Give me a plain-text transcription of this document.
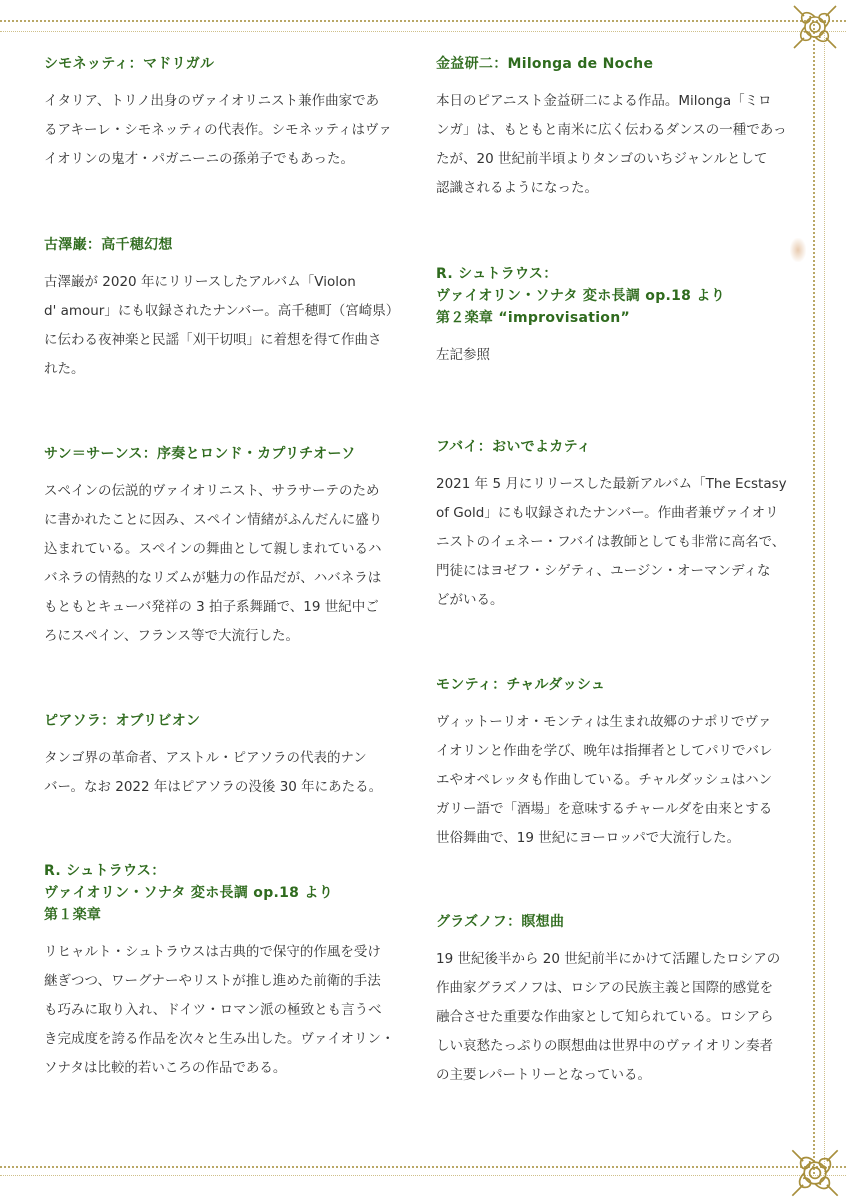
シモネッティ：マドリガル
イタリア、トリノ出身のヴァイオリニスト兼作曲家であ
るアキーレ・シモネッティの代表作。シモネッティはヴァ
イオリンの鬼才・パガニーニの孫弟子でもあった。
古澤巌：高千穂幻想
古澤巌が 2020 年にリリースしたアルバム「Violon
d' amour」にも収録されたナンバー。高千穂町（宮崎県）
に伝わる夜神楽と民謡「刈干切唄」に着想を得て作曲さ
れた。
サン＝サーンス：序奏とロンド・カプリチオーソ
スペインの伝説的ヴァイオリニスト、サラサーテのため
に書かれたことに因み、スペイン情緒がふんだんに盛り
込まれている。スペインの舞曲として親しまれているハ
バネラの情熱的なリズムが魅力の作品だが、ハバネラは
もともとキューバ発祥の 3 拍子系舞踊で、19 世紀中ご
ろにスペイン、フランス等で大流行した。
ピアソラ：オブリビオン
タンゴ界の革命者、アストル・ピアソラの代表的ナン
バー。なお 2022 年はピアソラの没後 30 年にあたる。
R. シュトラウス：
ヴァイオリン・ソナタ 変ホ長調 op.18 より
第１楽章
リヒャルト・シュトラウスは古典的で保守的作風を受け
継ぎつつ、ワーグナーやリストが推し進めた前衛的手法
も巧みに取り入れ、ドイツ・ロマン派の極致とも言うべ
き完成度を誇る作品を次々と生み出した。ヴァイオリン・
ソナタは比較的若いころの作品である。
金益研二：Milonga de Noche
本日のピアニスト金益研二による作品。Milonga「ミロ
ンガ」は、もともと南米に広く伝わるダンスの一種であっ
たが、20 世紀前半頃よりタンゴのいちジャンルとして
認識されるようになった。
R. シュトラウス：
ヴァイオリン・ソナタ 変ホ長調 op.18 より
第２楽章 “improvisation”
左記参照
フバイ：おいでよカティ
2021 年 5 月にリリースした最新アルバム「The Ecstasy
of Gold」にも収録されたナンバー。作曲者兼ヴァイオリ
ニストのイェネー・フバイは教師としても非常に高名で、
門徒にはヨゼフ・シゲティ、ユージン・オーマンディな
どがいる。
モンティ：チャルダッシュ
ヴィットーリオ・モンティは生まれ故郷のナポリでヴァ
イオリンと作曲を学び、晩年は指揮者としてパリでバレ
エやオペレッタも作曲している。チャルダッシュはハン
ガリー語で「酒場」を意味するチャールダを由来とする
世俗舞曲で、19 世紀にヨーロッパで大流行した。
グラズノフ：瞑想曲
19 世紀後半から 20 世紀前半にかけて活躍したロシアの
作曲家グラズノフは、ロシアの民族主義と国際的感覚を
融合させた重要な作曲家として知られている。ロシアら
しい哀愁たっぷりの瞑想曲は世界中のヴァイオリン奏者
の主要レパートリーとなっている。
